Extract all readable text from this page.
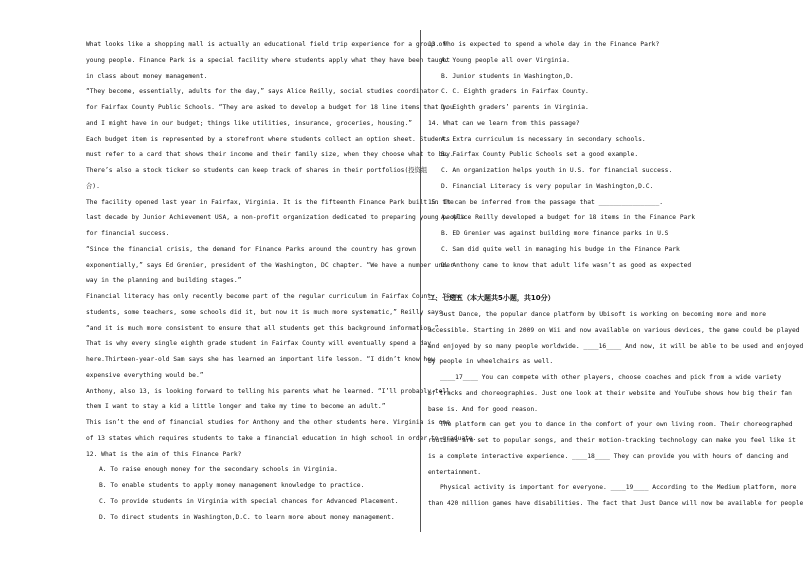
What looks like a shopping mall is actually an educational field trip experience for a group of
young people. Finance Park is a special facility where students apply what they have been taught
in class about money management.
“They become, essentially, adults for the day,” says Alice Reilly, social studies coordinator
for Fairfax County Public Schools. “They are asked to develop a budget for 18 line items that you
and I might have in our budget; things like utilities, insurance, groceries, housing.”
Each budget item is represented by a storefront where students collect an option sheet. Students
must refer to a card that shows their income and their family size, when they choose what to buy.
There’s also a stock ticker so students can keep track of shares in their portfolios(投资组
合).
The facility opened last year in Fairfax, Virginia. It is the fifteenth Finance Park built in the
last decade by Junior Achievement USA, a non-profit organization dedicated to preparing young people
for financial success.
“Since the financial crisis, the demand for Finance Parks around the country has grown
exponentially,” says Ed Grenier, president of the Washington, DC chapter. “We have a number under
way in the planning and building stages.”
Financial literacy has only recently become part of the regular curriculum in Fairfax County. “Some
students, some teachers, some schools did it, but now it is much more systematic,” Reilly says,
“and it is much more consistent to ensure that all students get this background information.”
That is why every single eighth grade student in Fairfax County will eventually spend a day
here.Thirteen-year-old Sam says she has learned an important life lesson. “I didn’t know how
expensive everything would be.”
Anthony, also 13, is looking forward to telling his parents what he learned. “I’ll probably tell
them I want to stay a kid a little longer and take my time to become an adult.”
This isn’t the end of financial studies for Anthony and the other students here. Virginia is one
of 13 states which requires students to take a financial education in high school in order to graduate.
12. What is the aim of this Finance Park?
A. To raise enough money for the secondary schools in Virginia.
B. To enable students to apply money management knowledge to practice.
C. To provide students in Virginia with special chances for Advanced Placement.
D. To direct students in Washington,D.C. to learn more about money management.
13. Who is expected to spend a whole day in the Finance Park?
A. Young people all over Virginia.
B. Junior students in Washington,D.
C. C. Eighth graders in Fairfax County.
D. Eighth graders’ parents in Virginia.
14. What can we learn from this passage?
A. Extra curriculum is necessary in secondary schools.
B. Fairfax County Public Schools set a good example.
C. An organization helps youth in U.S. for financial success.
D. Financial Literacy is very popular in Washington,D.C.
15. It can be inferred from the passage that ________________.
A. Alice Reilly developed a budget for 18 items in the Finance Park
B. ED Grenier was against building more finance parks in U.S
C. Sam did quite well in managing his budge in the Finance Park
D. Anthony came to know that adult life wasn’t as good as expected
二、七选五（本大题共5小题，共10分）
Just Dance, the popular dance platform by Ubisoft is working on becoming more and more
accessible. Starting in 2009 on Wii and now available on various devices, the game could be played
and enjoyed by so many people worldwide. ____16____ And now, it will be able to be used and enjoyed
by people in wheelchairs as well.
____17____ You can compete with other players, choose coaches and pick from a wide variety
of tracks and choreographies. Just one look at their website and YouTube shows how big their fan
base is. And for good reason.
The platform can get you to dance in the comfort of your own living room. Their choreographed
routines are set to popular songs, and their motion-tracking technology can make you feel like it
is a complete interactive experience. ____18____ They can provide you with hours of dancing and
entertainment.
Physical activity is important for everyone. ____19____ According to the Medium platform, more
than 420 million games have disabilities. The fact that Just Dance will now be available for people
